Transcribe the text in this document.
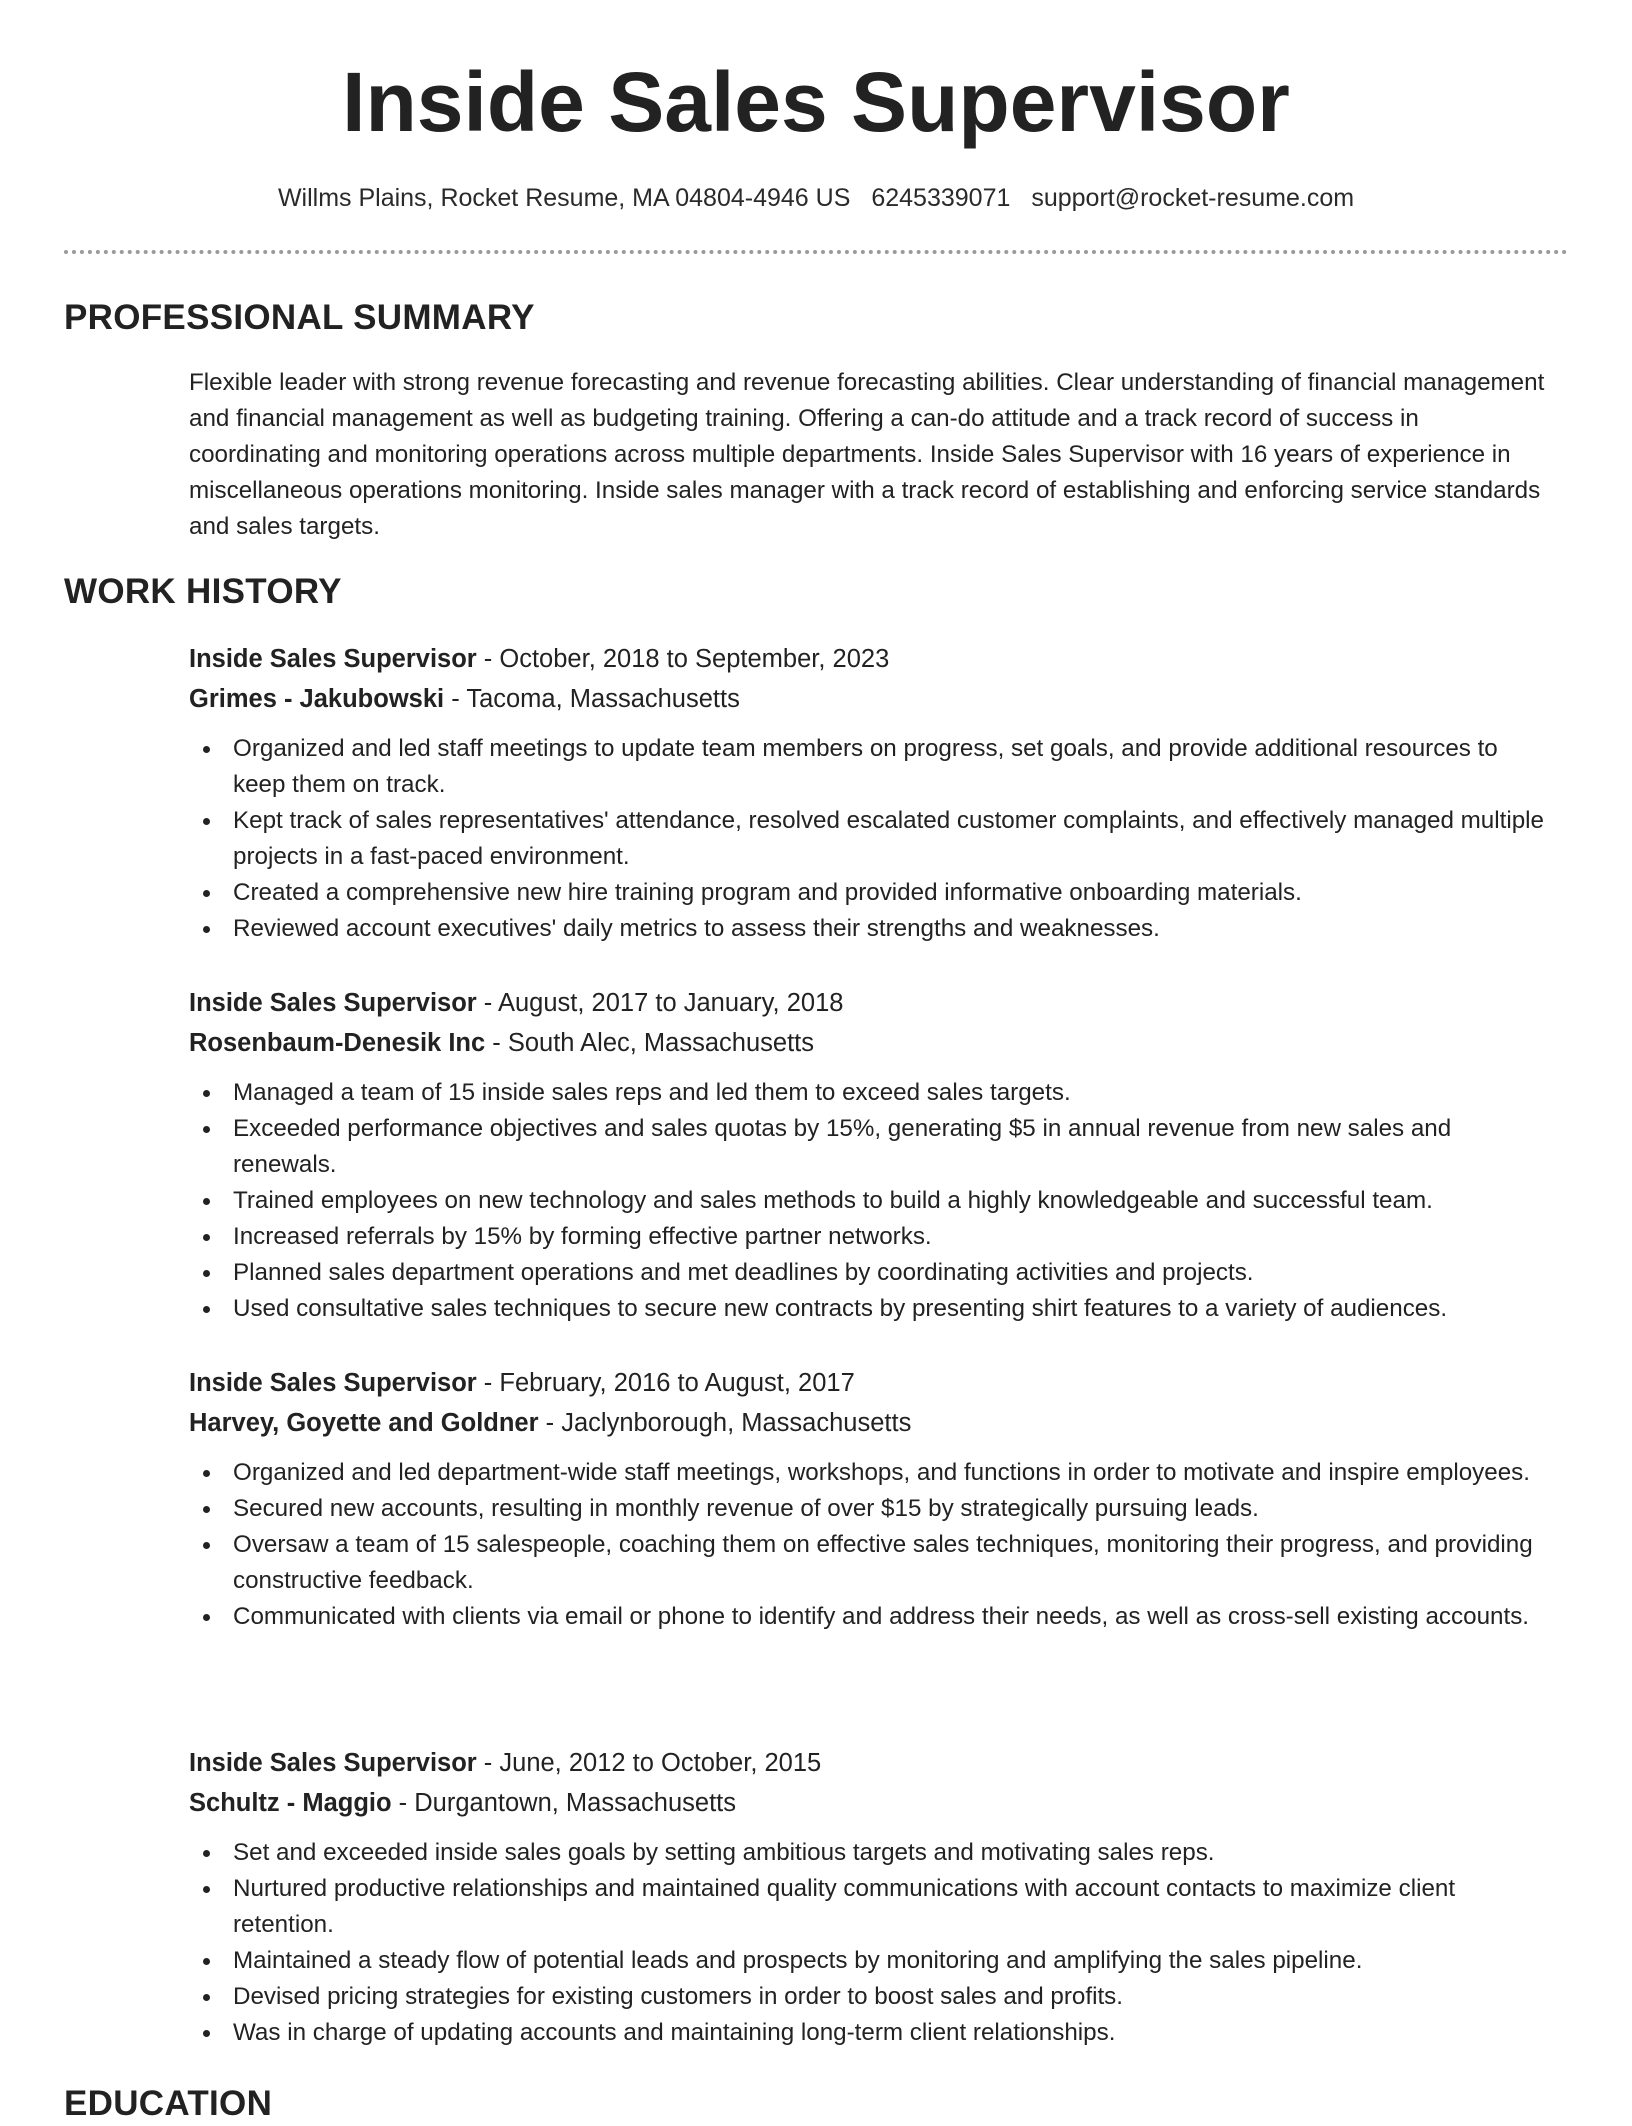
Inside Sales Supervisor
Willms Plains, Rocket Resume, MA 04804-4946 US 6245339071 support@rocket-resume.com
PROFESSIONAL SUMMARY
Flexible leader with strong revenue forecasting and revenue forecasting abilities. Clear understanding of financial management and financial management as well as budgeting training. Offering a can-do attitude and a track record of success in coordinating and monitoring operations across multiple departments. Inside Sales Supervisor with 16 years of experience in miscellaneous operations monitoring. Inside sales manager with a track record of establishing and enforcing service standards and sales targets.
WORK HISTORY
Inside Sales Supervisor - October, 2018 to September, 2023
Grimes - Jakubowski - Tacoma, Massachusetts
Organized and led staff meetings to update team members on progress, set goals, and provide additional resources to keep them on track.
Kept track of sales representatives' attendance, resolved escalated customer complaints, and effectively managed multiple projects in a fast-paced environment.
Created a comprehensive new hire training program and provided informative onboarding materials.
Reviewed account executives' daily metrics to assess their strengths and weaknesses.
Inside Sales Supervisor - August, 2017 to January, 2018
Rosenbaum-Denesik Inc - South Alec, Massachusetts
Managed a team of 15 inside sales reps and led them to exceed sales targets.
Exceeded performance objectives and sales quotas by 15%, generating $5 in annual revenue from new sales and renewals.
Trained employees on new technology and sales methods to build a highly knowledgeable and successful team.
Increased referrals by 15% by forming effective partner networks.
Planned sales department operations and met deadlines by coordinating activities and projects.
Used consultative sales techniques to secure new contracts by presenting shirt features to a variety of audiences.
Inside Sales Supervisor - February, 2016 to August, 2017
Harvey, Goyette and Goldner - Jaclynborough, Massachusetts
Organized and led department-wide staff meetings, workshops, and functions in order to motivate and inspire employees.
Secured new accounts, resulting in monthly revenue of over $15 by strategically pursuing leads.
Oversaw a team of 15 salespeople, coaching them on effective sales techniques, monitoring their progress, and providing constructive feedback.
Communicated with clients via email or phone to identify and address their needs, as well as cross-sell existing accounts.
Inside Sales Supervisor - June, 2012 to October, 2015
Schultz - Maggio - Durgantown, Massachusetts
Set and exceeded inside sales goals by setting ambitious targets and motivating sales reps.
Nurtured productive relationships and maintained quality communications with account contacts to maximize client retention.
Maintained a steady flow of potential leads and prospects by monitoring and amplifying the sales pipeline.
Devised pricing strategies for existing customers in order to boost sales and profits.
Was in charge of updating accounts and maintaining long-term client relationships.
EDUCATION
